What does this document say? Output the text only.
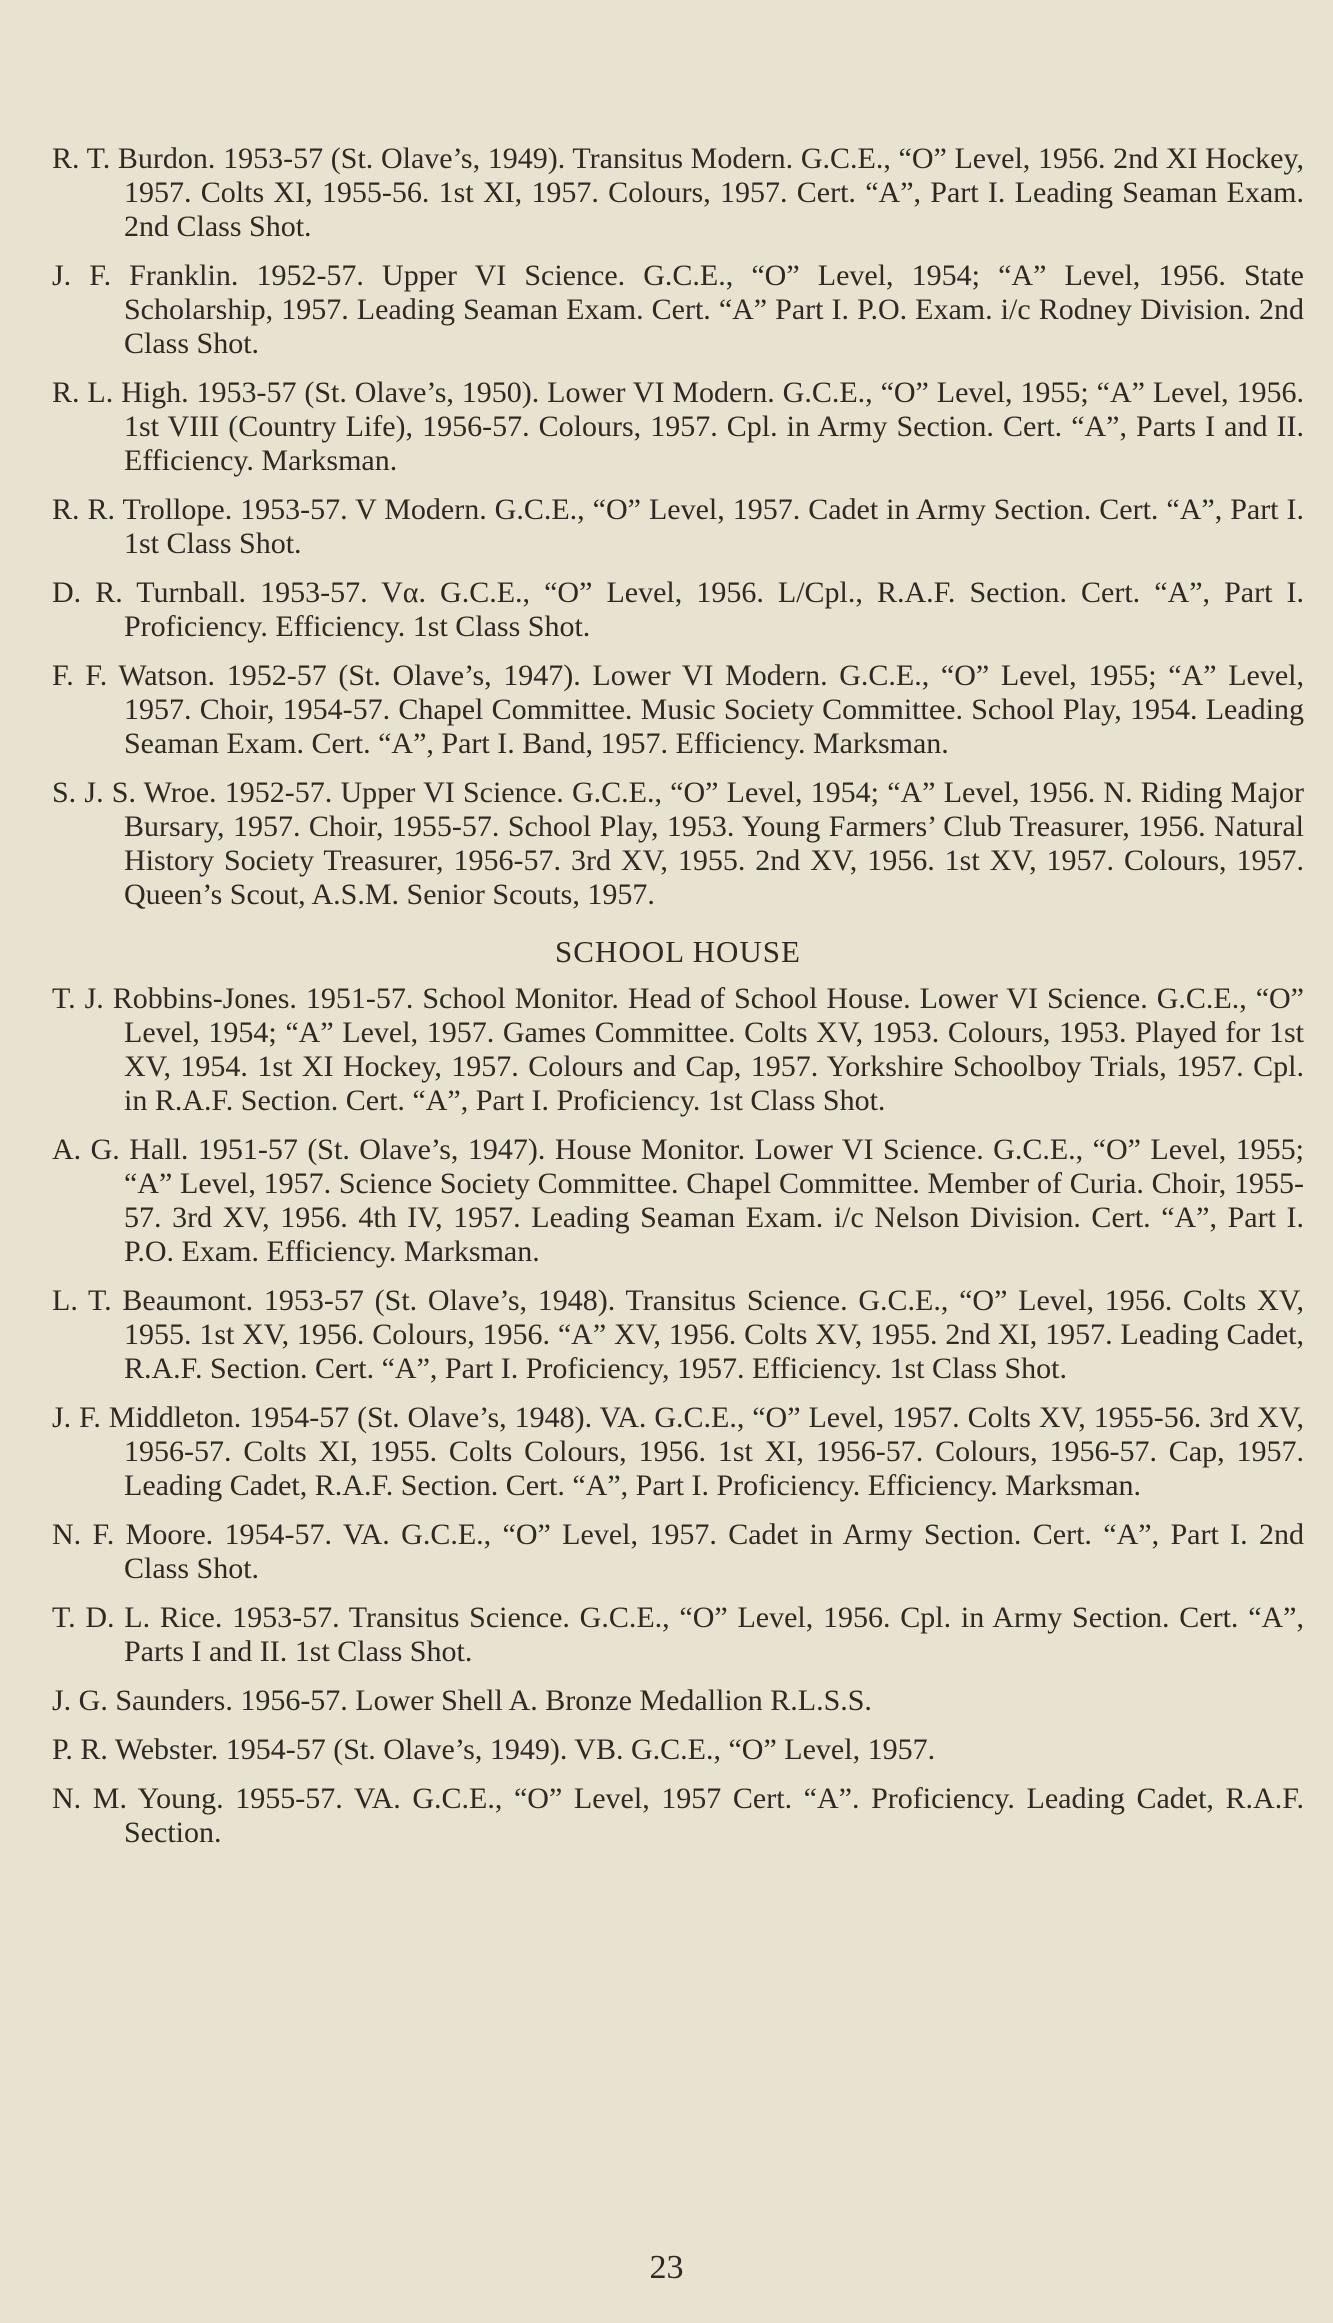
R. T. Burdon. 1953-57 (St. Olave’s, 1949). Transitus Modern. G.C.E., “O” Level, 1956. 2nd XI Hockey, 1957. Colts XI, 1955-56. 1st XI, 1957. Colours, 1957. Cert. “A”, Part I. Leading Seaman Exam. 2nd Class Shot.

J. F. Franklin. 1952-57. Upper VI Science. G.C.E., “O” Level, 1954; “A” Level, 1956. State Scholarship, 1957. Leading Seaman Exam. Cert. “A” Part I. P.O. Exam. i/c Rodney Division. 2nd Class Shot.

R. L. High. 1953-57 (St. Olave’s, 1950). Lower VI Modern. G.C.E., “O” Level, 1955; “A” Level, 1956. 1st VIII (Country Life), 1956-57. Colours, 1957. Cpl. in Army Section. Cert. “A”, Parts I and II. Efficiency. Marksman.

R. R. Trollope. 1953-57. V Modern. G.C.E., “O” Level, 1957. Cadet in Army Section. Cert. “A”, Part I. 1st Class Shot.

D. R. Turnball. 1953-57. Vα. G.C.E., “O” Level, 1956. L/Cpl., R.A.F. Section. Cert. “A”, Part I. Proficiency. Efficiency. 1st Class Shot.

F. F. Watson. 1952-57 (St. Olave’s, 1947). Lower VI Modern. G.C.E., “O” Level, 1955; “A” Level, 1957. Choir, 1954-57. Chapel Committee. Music Society Committee. School Play, 1954. Leading Seaman Exam. Cert. “A”, Part I. Band, 1957. Efficiency. Marksman.

S. J. S. Wroe. 1952-57. Upper VI Science. G.C.E., “O” Level, 1954; “A” Level, 1956. N. Riding Major Bursary, 1957. Choir, 1955-57. School Play, 1953. Young Farmers’ Club Treasurer, 1956. Natural History Society Treasurer, 1956-57. 3rd XV, 1955. 2nd XV, 1956. 1st XV, 1957. Colours, 1957. Queen’s Scout, A.S.M. Senior Scouts, 1957.

SCHOOL HOUSE

T. J. Robbins-Jones. 1951-57. School Monitor. Head of School House. Lower VI Science. G.C.E., “O” Level, 1954; “A” Level, 1957. Games Committee. Colts XV, 1953. Colours, 1953. Played for 1st XV, 1954. 1st XI Hockey, 1957. Colours and Cap, 1957. Yorkshire Schoolboy Trials, 1957. Cpl. in R.A.F. Section. Cert. “A”, Part I. Proficiency. 1st Class Shot.

A. G. Hall. 1951-57 (St. Olave’s, 1947). House Monitor. Lower VI Science. G.C.E., “O” Level, 1955; “A” Level, 1957. Science Society Committee. Chapel Committee. Member of Curia. Choir, 1955-57. 3rd XV, 1956. 4th IV, 1957. Leading Seaman Exam. i/c Nelson Division. Cert. “A”, Part I. P.O. Exam. Efficiency. Marksman.

L. T. Beaumont. 1953-57 (St. Olave’s, 1948). Transitus Science. G.C.E., “O” Level, 1956. Colts XV, 1955. 1st XV, 1956. Colours, 1956. “A” XV, 1956. Colts XV, 1955. 2nd XI, 1957. Leading Cadet, R.A.F. Section. Cert. “A”, Part I. Proficiency, 1957. Efficiency. 1st Class Shot.

J. F. Middleton. 1954-57 (St. Olave’s, 1948). VA. G.C.E., “O” Level, 1957. Colts XV, 1955-56. 3rd XV, 1956-57. Colts XI, 1955. Colts Colours, 1956. 1st XI, 1956-57. Colours, 1956-57. Cap, 1957. Leading Cadet, R.A.F. Section. Cert. “A”, Part I. Proficiency. Efficiency. Marksman.

N. F. Moore. 1954-57. VA. G.C.E., “O” Level, 1957. Cadet in Army Section. Cert. “A”, Part I. 2nd Class Shot.

T. D. L. Rice. 1953-57. Transitus Science. G.C.E., “O” Level, 1956. Cpl. in Army Section. Cert. “A”, Parts I and II. 1st Class Shot.

J. G. Saunders. 1956-57. Lower Shell A. Bronze Medallion R.L.S.S.

P. R. Webster. 1954-57 (St. Olave’s, 1949). VB. G.C.E., “O” Level, 1957.

N. M. Young. 1955-57. VA. G.C.E., “O” Level, 1957 Cert. “A”. Proficiency. Leading Cadet, R.A.F. Section.

23
